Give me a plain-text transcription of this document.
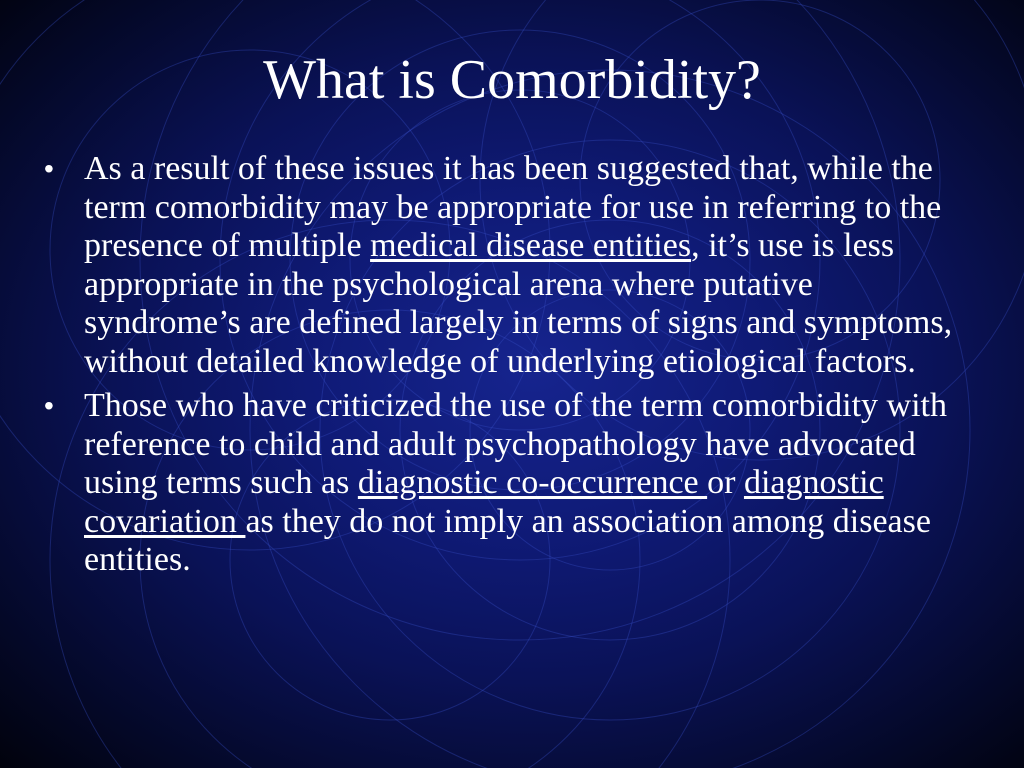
What is Comorbidity?
• As a result of these issues it has been suggested that, while the term comorbidity may be appropriate for use in referring to the presence of multiple medical disease entities, it’s use is less appropriate in the psychological arena where putative syndrome’s are defined largely in terms of signs and symptoms, without detailed knowledge of underlying etiological factors.
• Those who have criticized the use of the term comorbidity with reference to child and adult psychopathology have advocated using terms such as diagnostic co-occurrence or diagnostic covariation as they do not imply an association among disease entities.
